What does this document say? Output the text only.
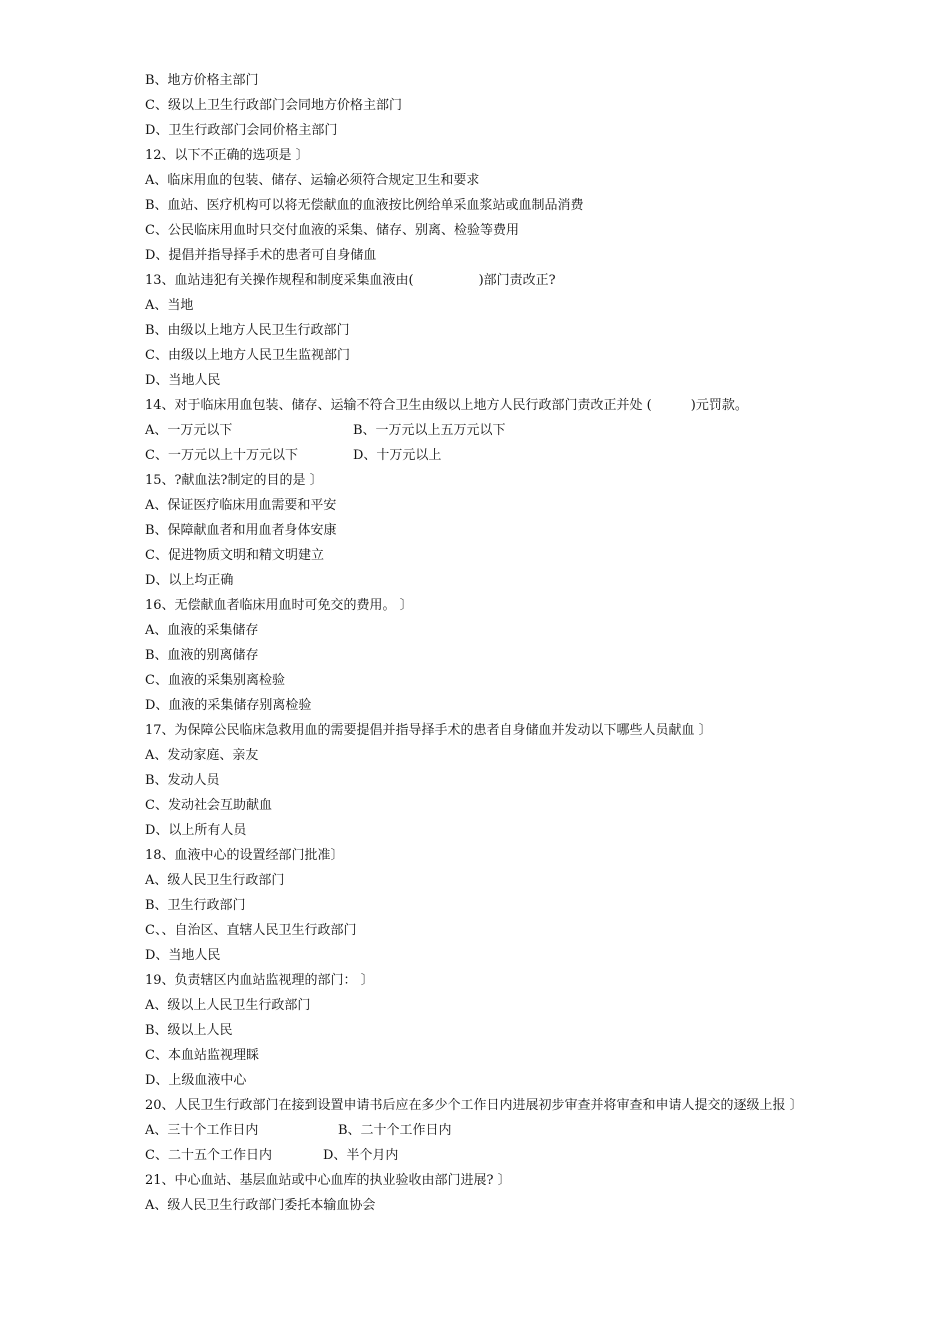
B、地方价格主部门
C、级以上卫生行政部门会同地方价格主部门
D、卫生行政部门会同价格主部门
12、以下不正确的选项是 〕
A、临床用血的包装、储存、运输必须符合规定卫生和要求
B、血站、医疗机构可以将无偿献血的血液按比例给单采血浆站或血制品消费
C、公民临床用血时只交付血液的采集、储存、别离、检验等费用
D、提倡并指导择手术的患者可自身储血
13、血站违犯有关操作规程和制度采集血液由(　　　　　)部门责改正?
A、当地
B、由级以上地方人民卫生行政部门
C、由级以上地方人民卫生监视部门
D、当地人民
14、对于临床用血包装、储存、运输不符合卫生由级以上地方人民行政部门责改正并处 (　　　)元罚款。
A、一万元以下	B、一万元以上五万元以下
C、一万元以上十万元以下	D、十万元以上
15、?献血法?制定的目的是 〕
A、保证医疗临床用血需要和平安
B、保障献血者和用血者身体安康
C、促进物质文明和精文明建立
D、以上均正确
16、无偿献血者临床用血时可免交的费用。 〕
A、血液的采集储存
B、血液的别离储存
C、血液的采集别离检验
D、血液的采集储存别离检验
17、为保障公民临床急救用血的需要提倡并指导择手术的患者自身储血并发动以下哪些人员献血 〕
A、发动家庭、亲友
B、发动人员
C、发动社会互助献血
D、以上所有人员
18、血液中心的设置经部门批准〕
A、级人民卫生行政部门
B、卫生行政部门
C、、自治区、直辖人民卫生行政部门
D、当地人民
19、负责辖区内血站监视理的部门： 〕
A、级以上人民卫生行政部门
B、级以上人民
C、本血站监视理睬
D、上级血液中心
20、人民卫生行政部门在接到设置申请书后应在多少个工作日内进展初步审查并将审查和申请人提交的逐级上报 〕
A、三十个工作日内	B、二十个工作日内
C、二十五个工作日内	D、半个月内
21、中心血站、基层血站或中心血库的执业验收由部门进展? 〕
A、级人民卫生行政部门委托本输血协会
